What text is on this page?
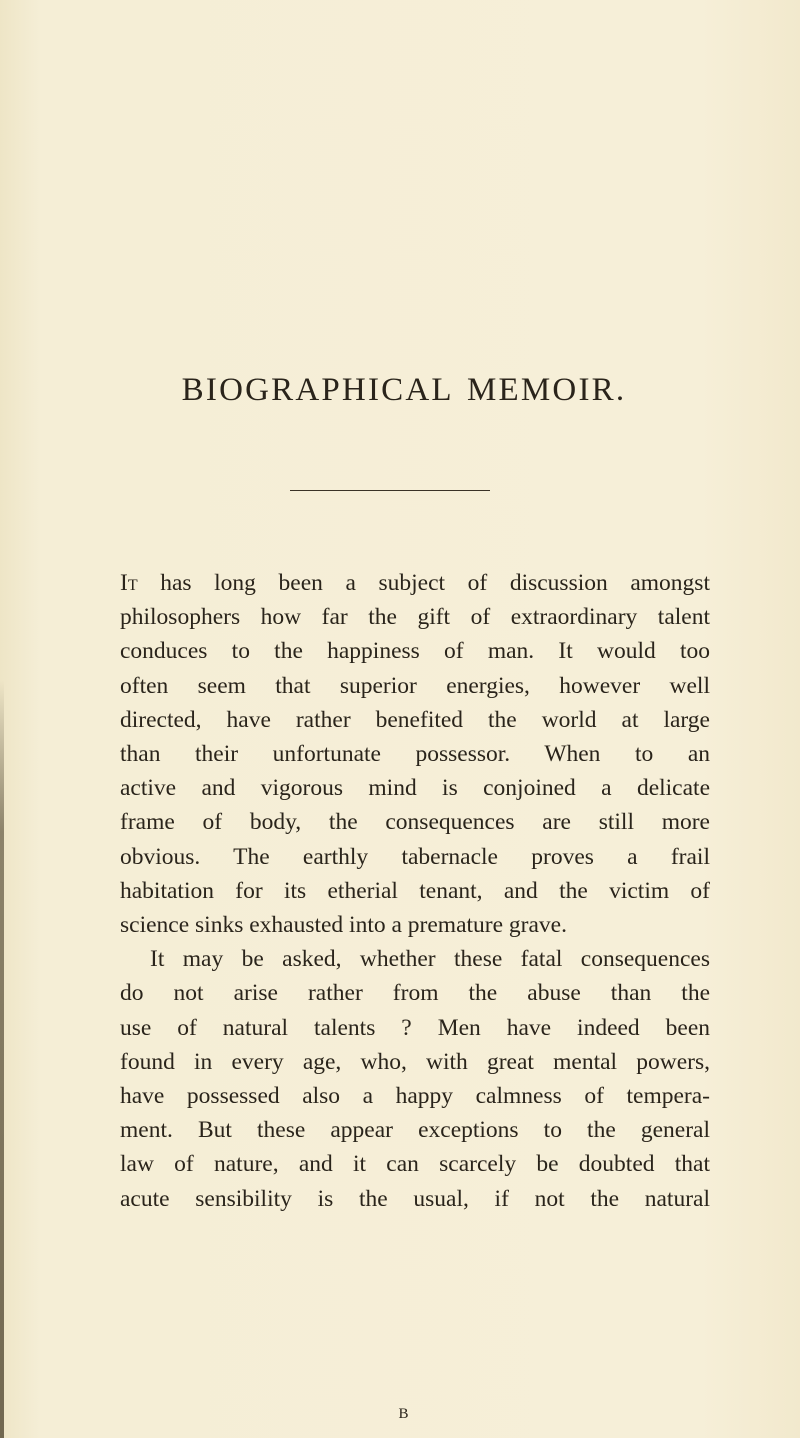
BIOGRAPHICAL MEMOIR.

It has long been a subject of discussion amongst
philosophers how far the gift of extraordinary talent
conduces to the happiness of man. It would too
often seem that superior energies, however well
directed, have rather benefited the world at large
than their unfortunate possessor. When to an
active and vigorous mind is conjoined a delicate
frame of body, the consequences are still more
obvious. The earthly tabernacle proves a frail
habitation for its etherial tenant, and the victim of
science sinks exhausted into a premature grave.

It may be asked, whether these fatal consequences
do not arise rather from the abuse than the
use of natural talents ? Men have indeed been
found in every age, who, with great mental powers,
have possessed also a happy calmness of tempera-
ment. But these appear exceptions to the general
law of nature, and it can scarcely be doubted that
acute sensibility is the usual, if not the natural

B
